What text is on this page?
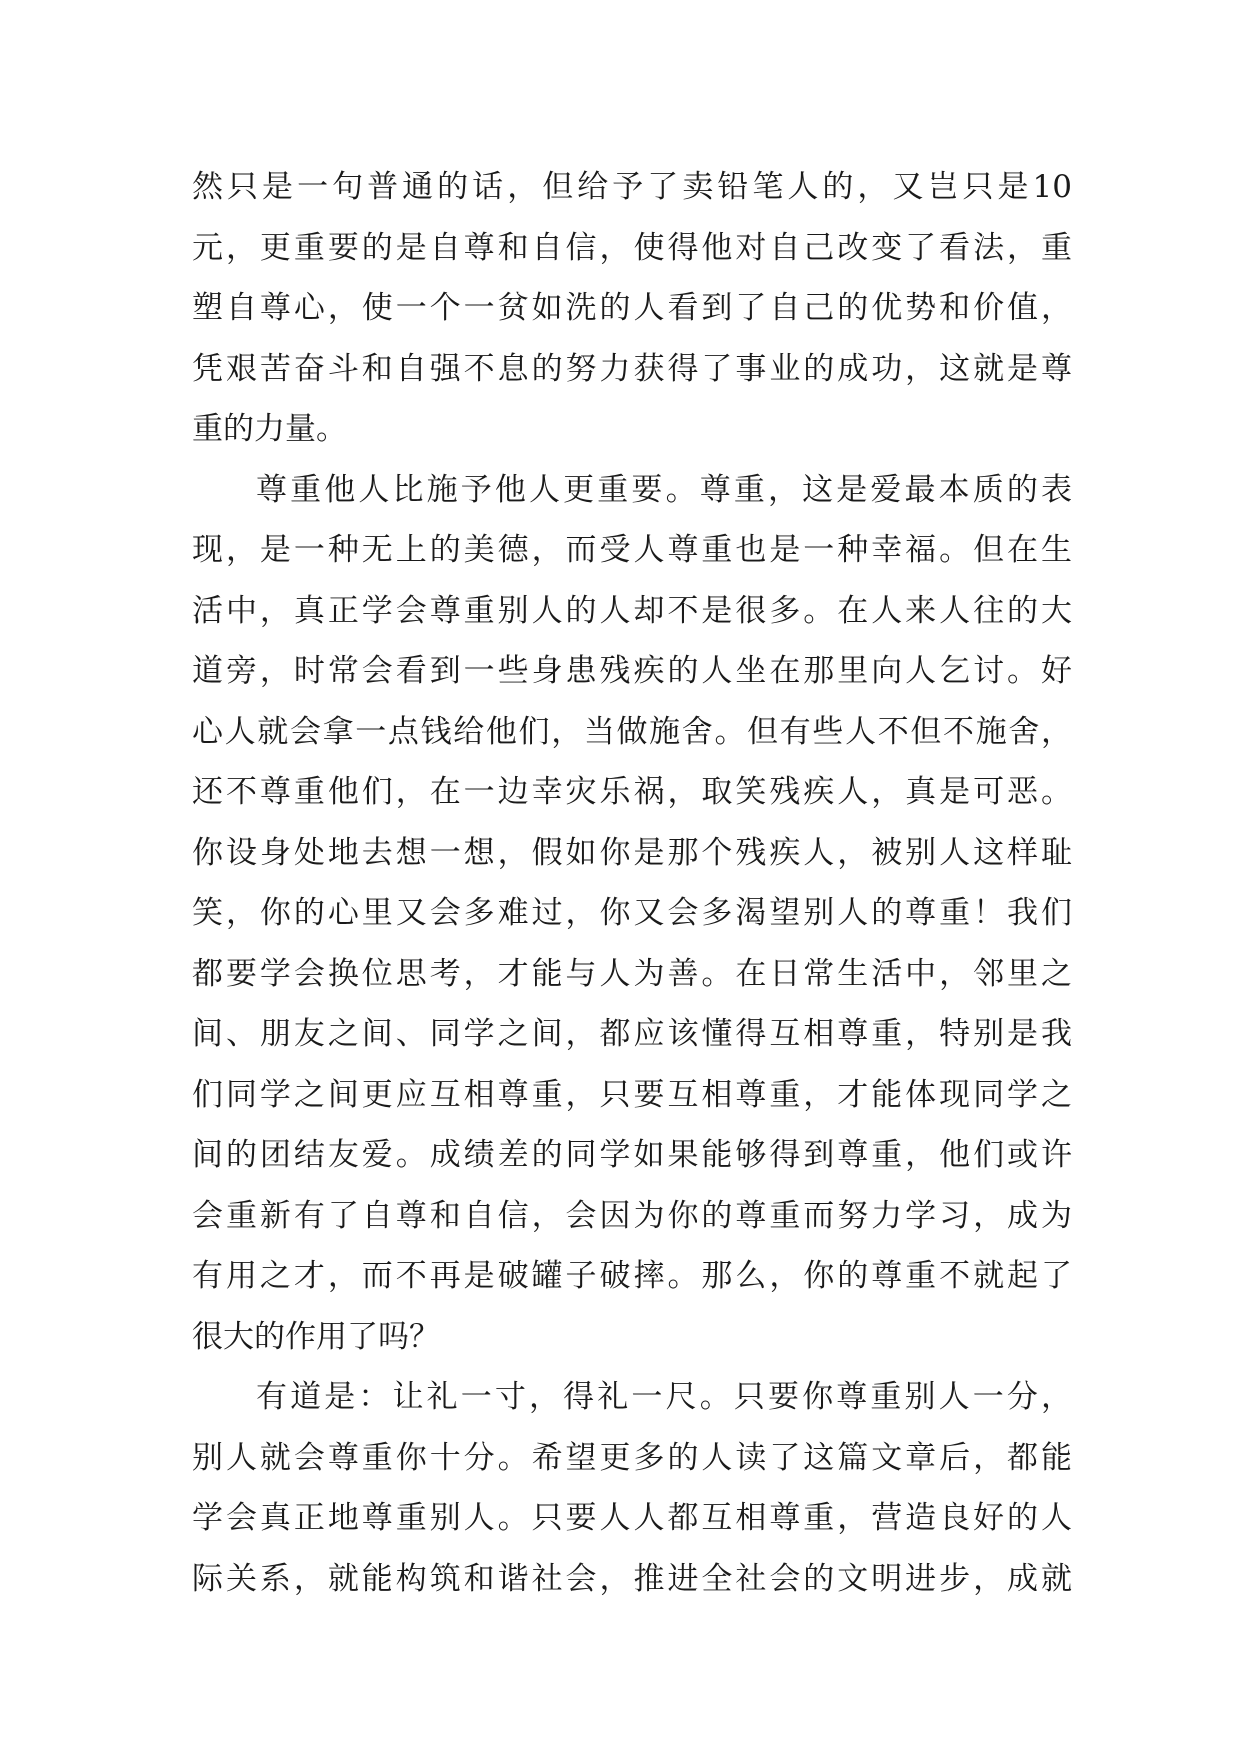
然只是一句普通的话，但给予了卖铅笔人的，又岂只是10
元，更重要的是自尊和自信，使得他对自己改变了看法，重
塑自尊心，使一个一贫如洗的人看到了自己的优势和价值，
凭艰苦奋斗和自强不息的努力获得了事业的成功，这就是尊
重的力量。
尊重他人比施予他人更重要。尊重，这是爱最本质的表
现，是一种无上的美德，而受人尊重也是一种幸福。但在生
活中，真正学会尊重别人的人却不是很多。在人来人往的大
道旁，时常会看到一些身患残疾的人坐在那里向人乞讨。好
心人就会拿一点钱给他们，当做施舍。但有些人不但不施舍，
还不尊重他们，在一边幸灾乐祸，取笑残疾人，真是可恶。
你设身处地去想一想，假如你是那个残疾人，被别人这样耻
笑，你的心里又会多难过，你又会多渴望别人的尊重！我们
都要学会换位思考，才能与人为善。在日常生活中，邻里之
间、朋友之间、同学之间，都应该懂得互相尊重，特别是我
们同学之间更应互相尊重，只要互相尊重，才能体现同学之
间的团结友爱。成绩差的同学如果能够得到尊重，他们或许
会重新有了自尊和自信，会因为你的尊重而努力学习，成为
有用之才，而不再是破罐子破摔。那么，你的尊重不就起了
很大的作用了吗？
有道是：让礼一寸，得礼一尺。只要你尊重别人一分，
别人就会尊重你十分。希望更多的人读了这篇文章后，都能
学会真正地尊重别人。只要人人都互相尊重，营造良好的人
际关系，就能构筑和谐社会，推进全社会的文明进步，成就
